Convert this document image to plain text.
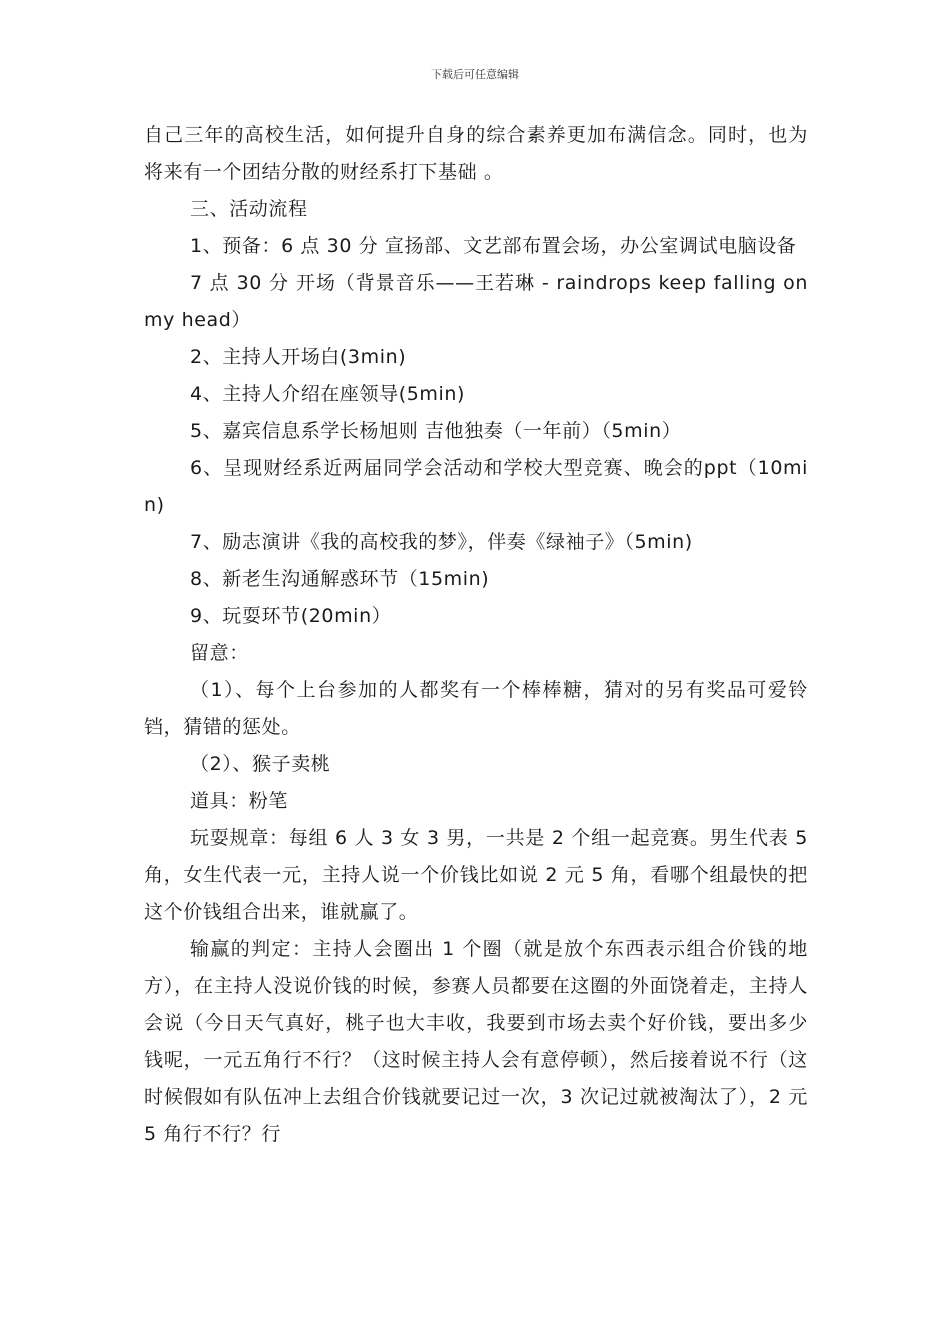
下载后可任意编辑

自己三年的高校生活，如何提升自身的综合素养更加布满信念。同时，也为将来有一个团结分散的财经系打下基础 。

三、活动流程

1、预备：6 点 30 分 宣扬部、文艺部布置会场，办公室调试电脑设备

7 点 30 分 开场（背景音乐——王若琳 - raindrops keep falling on my head）

2、主持人开场白(3min)

4、主持人介绍在座领导(5min)

5、嘉宾信息系学长杨旭则 吉他独奏（一年前）（5min）

6、呈现财经系近两届同学会活动和学校大型竞赛、晚会的ppt（10min)

7、励志演讲《我的高校我的梦》，伴奏《绿袖子》（5min)

8、新老生沟通解惑环节（15min)

9、玩耍环节(20min）

留意：

（1）、每个上台参加的人都奖有一个棒棒糖，猜对的另有奖品可爱铃铛，猜错的惩处。

（2）、猴子卖桃

道具：粉笔

玩耍规章：每组 6 人 3 女 3 男，一共是 2 个组一起竞赛。男生代表 5 角，女生代表一元，主持人说一个价钱比如说 2 元 5 角，看哪个组最快的把这个价钱组合出来，谁就赢了。

输赢的判定：主持人会圈出 1 个圈（就是放个东西表示组合价钱的地方），在主持人没说价钱的时候，参赛人员都要在这圈的外面饶着走，主持人会说（今日天气真好，桃子也大丰收，我要到市场去卖个好价钱，要出多少钱呢，一元五角行不行？（这时候主持人会有意停顿），然后接着说不行（这时候假如有队伍冲上去组合价钱就要记过一次，3 次记过就被淘汰了），2 元 5 角行不行？行
